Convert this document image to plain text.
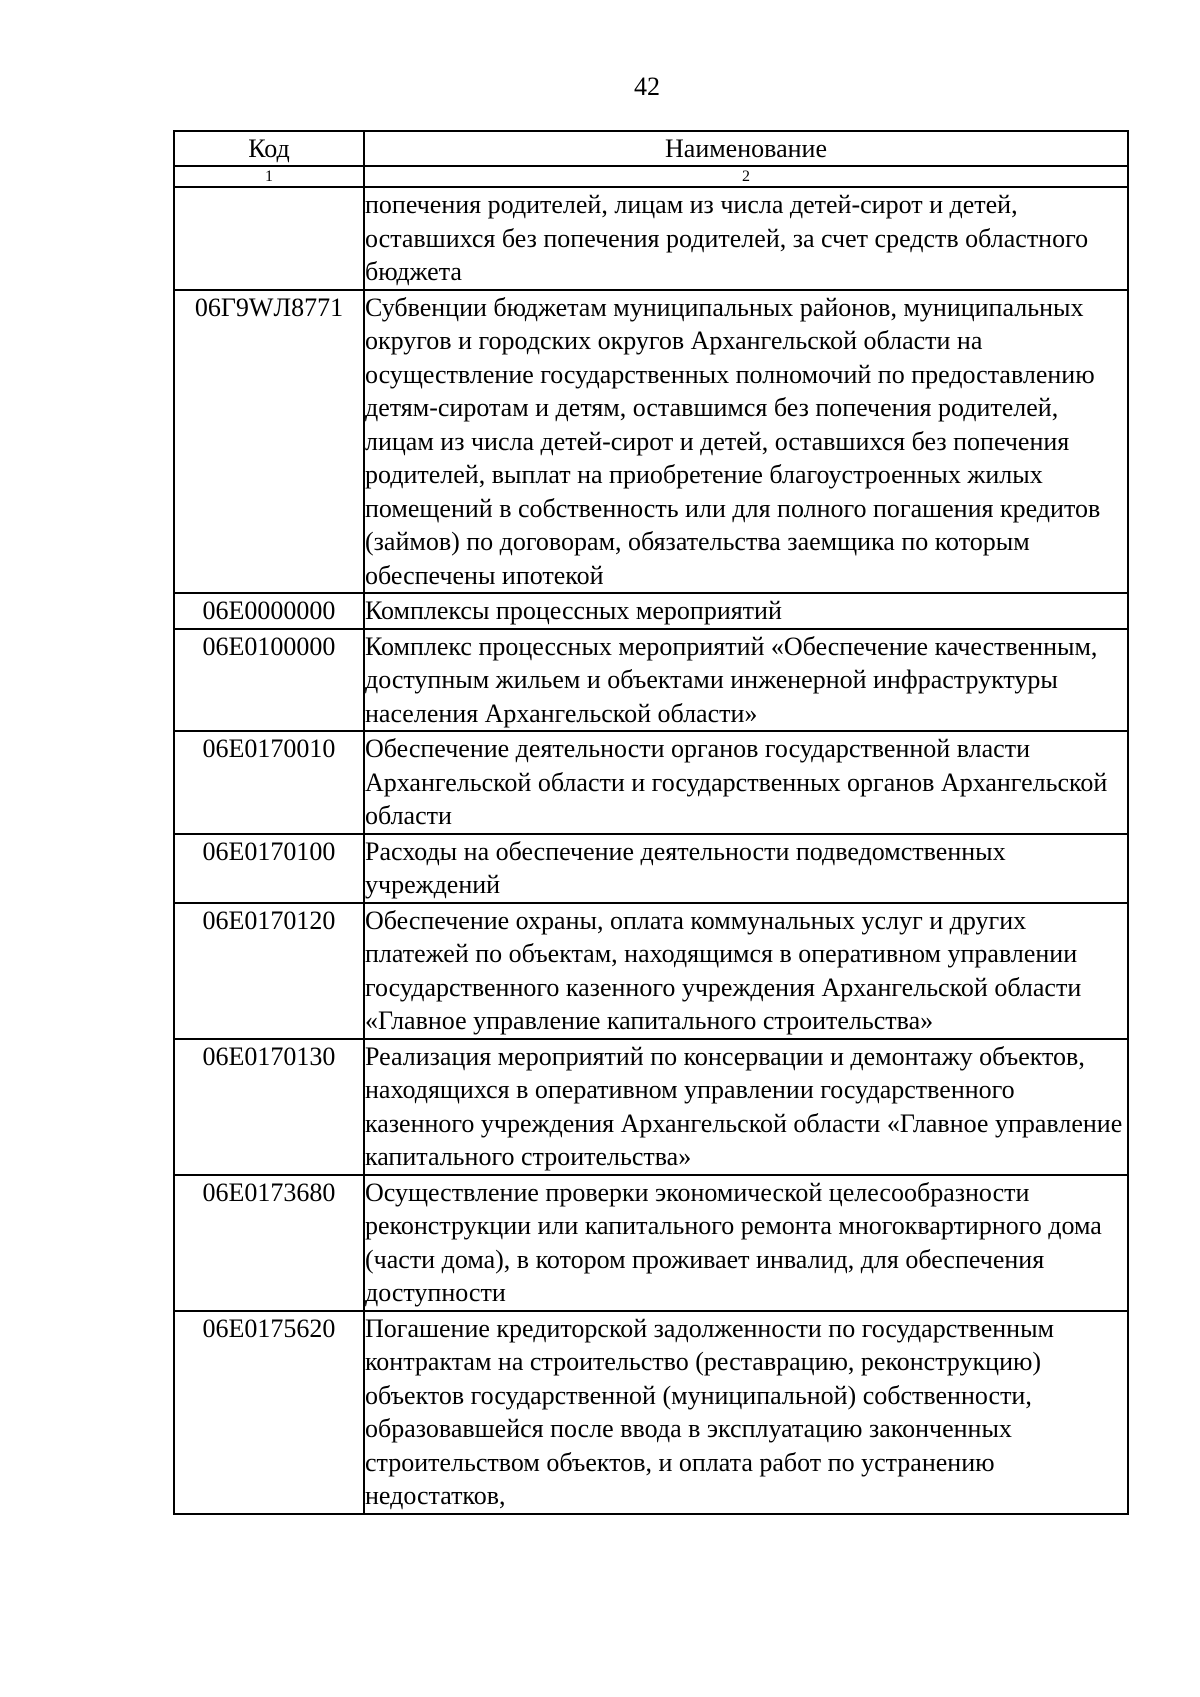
42
Код	Наименование
1	2
	попечения родителей, лицам из числа детей-сирот и детей, оставшихся без попечения родителей, за счет средств областного бюджета
06Г9WЛ8771	Субвенции бюджетам муниципальных районов, муниципальных округов и городских округов Архангельской области на осуществление государственных полномочий по предоставлению детям-сиротам и детям, оставшимся без попечения родителей, лицам из числа детей-сирот и детей, оставшихся без попечения родителей, выплат на приобретение благоустроенных жилых помещений в собственность или для полного погашения кредитов (займов) по договорам, обязательства заемщика по которым обеспечены ипотекой
06Е0000000	Комплексы процессных мероприятий
06Е0100000	Комплекс процессных мероприятий «Обеспечение качественным, доступным жильем и объектами инженерной инфраструктуры населения Архангельской области»
06Е0170010	Обеспечение деятельности органов государственной власти Архангельской области и государственных органов Архангельской области
06Е0170100	Расходы на обеспечение деятельности подведомственных учреждений
06Е0170120	Обеспечение охраны, оплата коммунальных услуг и других платежей по объектам, находящимся в оперативном управлении государственного казенного учреждения Архангельской области «Главное управление капитального строительства»
06Е0170130	Реализация мероприятий по консервации и демонтажу объектов, находящихся в оперативном управлении государственного казенного учреждения Архангельской области «Главное управление капитального строительства»
06Е0173680	Осуществление проверки экономической целесообразности реконструкции или капитального ремонта многоквартирного дома (части дома), в котором проживает инвалид, для обеспечения доступности
06Е0175620	Погашение кредиторской задолженности по государственным контрактам на строительство (реставрацию, реконструкцию) объектов государственной (муниципальной) собственности, образовавшейся после ввода в эксплуатацию законченных строительством объектов, и оплата работ по устранению недостатков,
